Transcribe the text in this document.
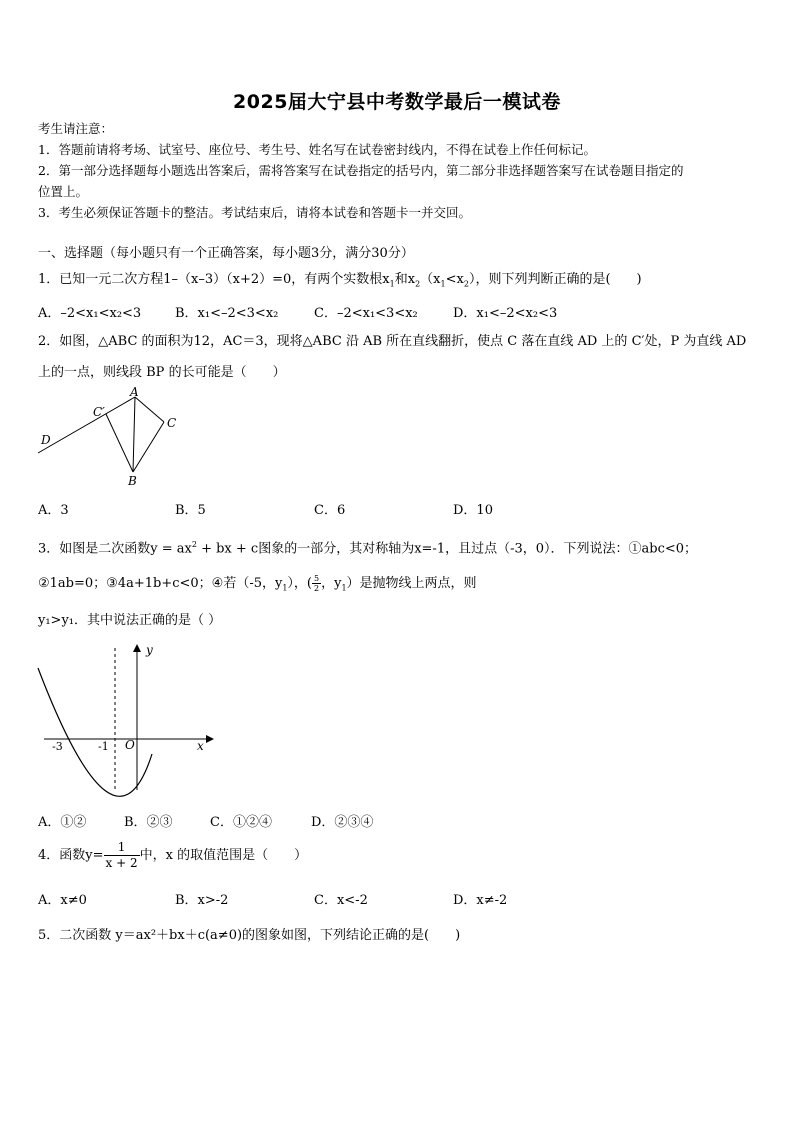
2025届大宁县中考数学最后一模试卷
考生请注意：
1．答题前请将考场、试室号、座位号、考生号、姓名写在试卷密封线内，不得在试卷上作任何标记。
2．第一部分选择题每小题选出答案后，需将答案写在试卷指定的括号内，第二部分非选择题答案写在试卷题目指定的
位置上。
3．考生必须保证答题卡的整洁。考试结束后，请将本试卷和答题卡一并交回。
一、选择题（每小题只有一个正确答案，每小题3分，满分30分）
1．已知一元二次方程1–（x–3）（x+2）=0，有两个实数根$x_1$和$x_2(x_1<x_2)$，则下列判断正确的是(　　)
A．–2<x₁<x₂<3	B．x₁<–2<3<x₂	C．–2<x₁<3<x₂	D．x₁<–2<x₂<3
2．如图，△ABC 的面积为12，AC＝3，现将△ABC 沿 AB 所在直线翻折，使点 C 落在直线 AD 上的 C′处，P 为直线 AD
上的一点，则线段 BP 的长可能是（　　）
A
B
C
C′
D
A．3	B．5	C．6	D．10
3．如图是二次函数$y = ax^2$ + bx + c图象的一部分，其对称轴为x=-1，且过点（-3，0）．下列说法：①abc<0；
②1ab=0；③4a+1b+c<0；④若（-5，$y_1$），( $\frac{5}{2}$ ，$y_1$）是抛物线上两点，则
y₁>y₁．其中说法正确的是（ ）
y
x
O
-3	-1
A．①②	B．②③	C．①②④	D．②③④
4．函数$y= \frac{1}{x + 2}$ 中，x 的取值范围是（　　）
A．x≠0	B．x>-2	C．x<-2	D．x≠-2
5．二次函数 y＝ax²＋bx＋c(a≠0)的图象如图，下列结论正确的是(　　)
